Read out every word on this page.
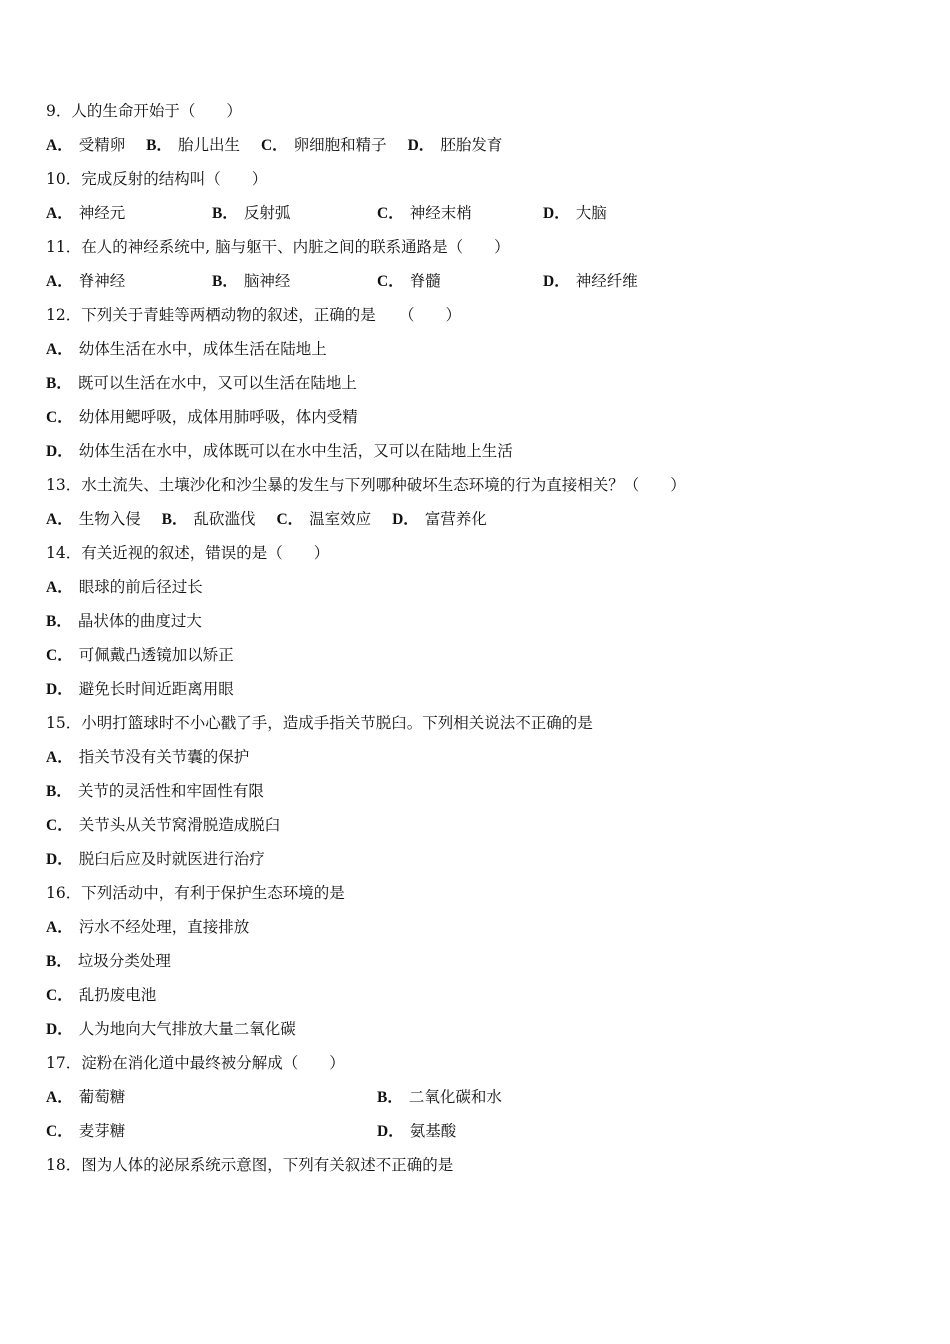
9．人的生命开始于（　　）
A． 受精卵 B． 胎儿出生 C． 卵细胞和精子 D． 胚胎发育
10．完成反射的结构叫（　　）
A． 神经元	B． 反射弧	C． 神经末梢	D． 大脑
11．在人的神经系统中, 脑与躯干、内脏之间的联系通路是（　　）
A． 脊神经	B． 脑神经	C． 脊髓	D． 神经纤维
12．下列关于青蛙等两栖动物的叙述，正确的是　　（　　）
A． 幼体生活在水中，成体生活在陆地上
B． 既可以生活在水中，又可以生活在陆地上
C． 幼体用鳃呼吸，成体用肺呼吸，体内受精
D． 幼体生活在水中，成体既可以在水中生活，又可以在陆地上生活
13．水土流失、土壤沙化和沙尘暴的发生与下列哪种破坏生态环境的行为直接相关？（　　）
A． 生物入侵 B． 乱砍滥伐 C． 温室效应 D． 富营养化
14．有关近视的叙述，错误的是（　　）
A． 眼球的前后径过长
B． 晶状体的曲度过大
C． 可佩戴凸透镜加以矫正
D． 避免长时间近距离用眼
15．小明打篮球时不小心戳了手，造成手指关节脱臼。下列相关说法不正确的是
A． 指关节没有关节囊的保护
B． 关节的灵活性和牢固性有限
C． 关节头从关节窝滑脱造成脱臼
D． 脱臼后应及时就医进行治疗
16．下列活动中，有利于保护生态环境的是
A． 污水不经处理，直接排放
B． 垃圾分类处理
C． 乱扔废电池
D． 人为地向大气排放大量二氧化碳
17．淀粉在消化道中最终被分解成（　　）
A． 葡萄糖	B． 二氧化碳和水
C． 麦芽糖	D． 氨基酸
18．图为人体的泌尿系统示意图，下列有关叙述不正确的是
